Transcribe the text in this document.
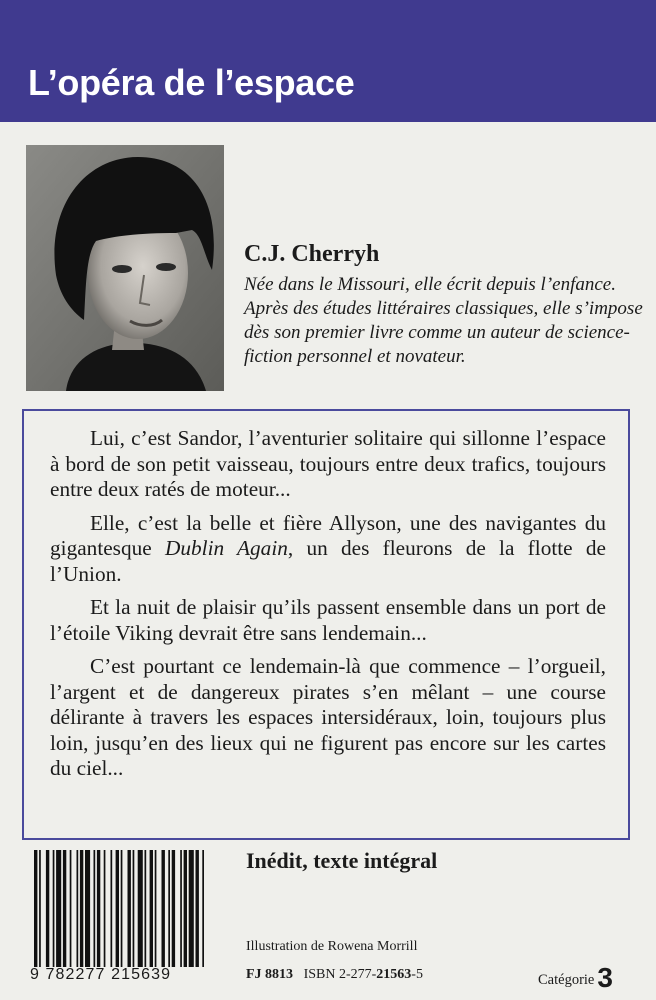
L’opéra de l’espace
C.J. Cherryh
Née dans le Missouri, elle écrit depuis l’enfance. Après des études littéraires classiques, elle s’impose dès son premier livre comme un auteur de science-fiction personnel et novateur.

Lui, c’est Sandor, l’aventurier solitaire qui sillonne l’espace à bord de son petit vaisseau, toujours entre deux trafics, toujours entre deux ratés de moteur...

Elle, c’est la belle et fière Allyson, une des navigantes du gigantesque Dublin Again, un des fleurons de la flotte de l’Union.

Et la nuit de plaisir qu’ils passent ensemble dans un port de l’étoile Viking devrait être sans lendemain...

C’est pourtant ce lendemain-là que commence – l’orgueil, l’argent et de dangereux pirates s’en mêlant – une course délirante à travers les espaces intersidéraux, loin, toujours plus loin, jusqu’en des lieux qui ne figurent pas encore sur les cartes du ciel...

9 782277 215639
Inédit, texte intégral
Illustration de Rowena Morrill
FJ 8813 ISBN 2-277-21563-5	Catégorie 3
